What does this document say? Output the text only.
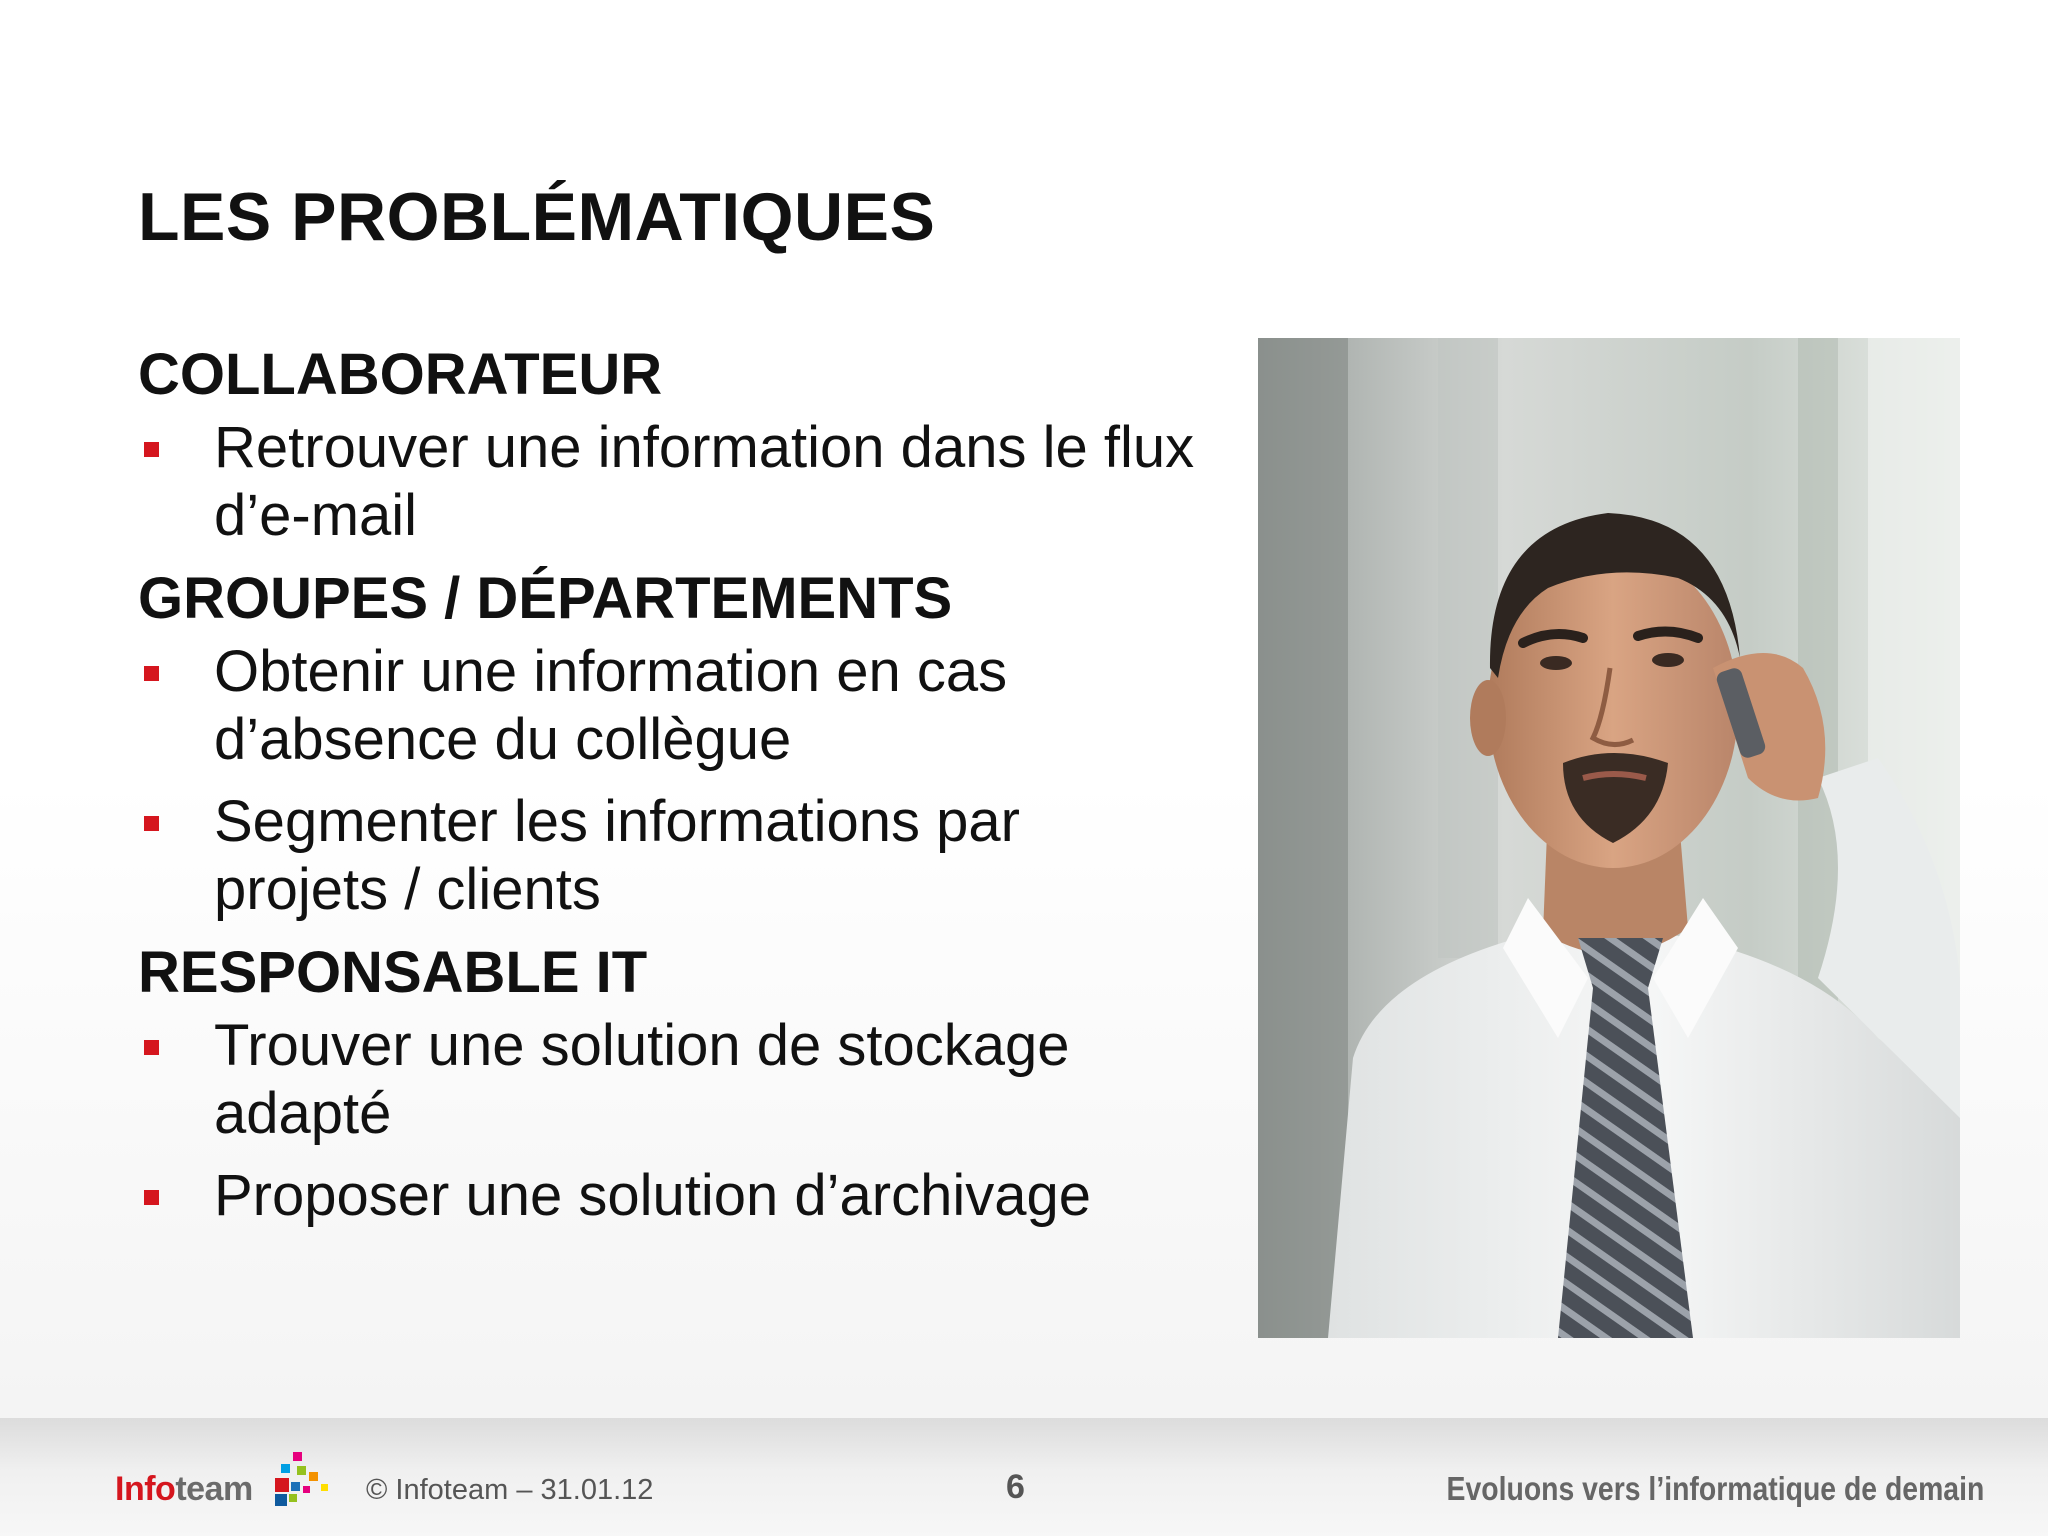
LES PROBLÉMATIQUES

COLLABORATEUR

Retrouver une information dans le flux d’e-mail

GROUPES / DÉPARTEMENTS

Obtenir une information en cas d’absence du collègue
Segmenter les informations par projets / clients

RESPONSABLE IT

Trouver une solution de stockage adapté
Proposer une solution d’archivage
Infoteam	© Infoteam – 31.01.12	6	Evoluons vers l’informatique de demain
